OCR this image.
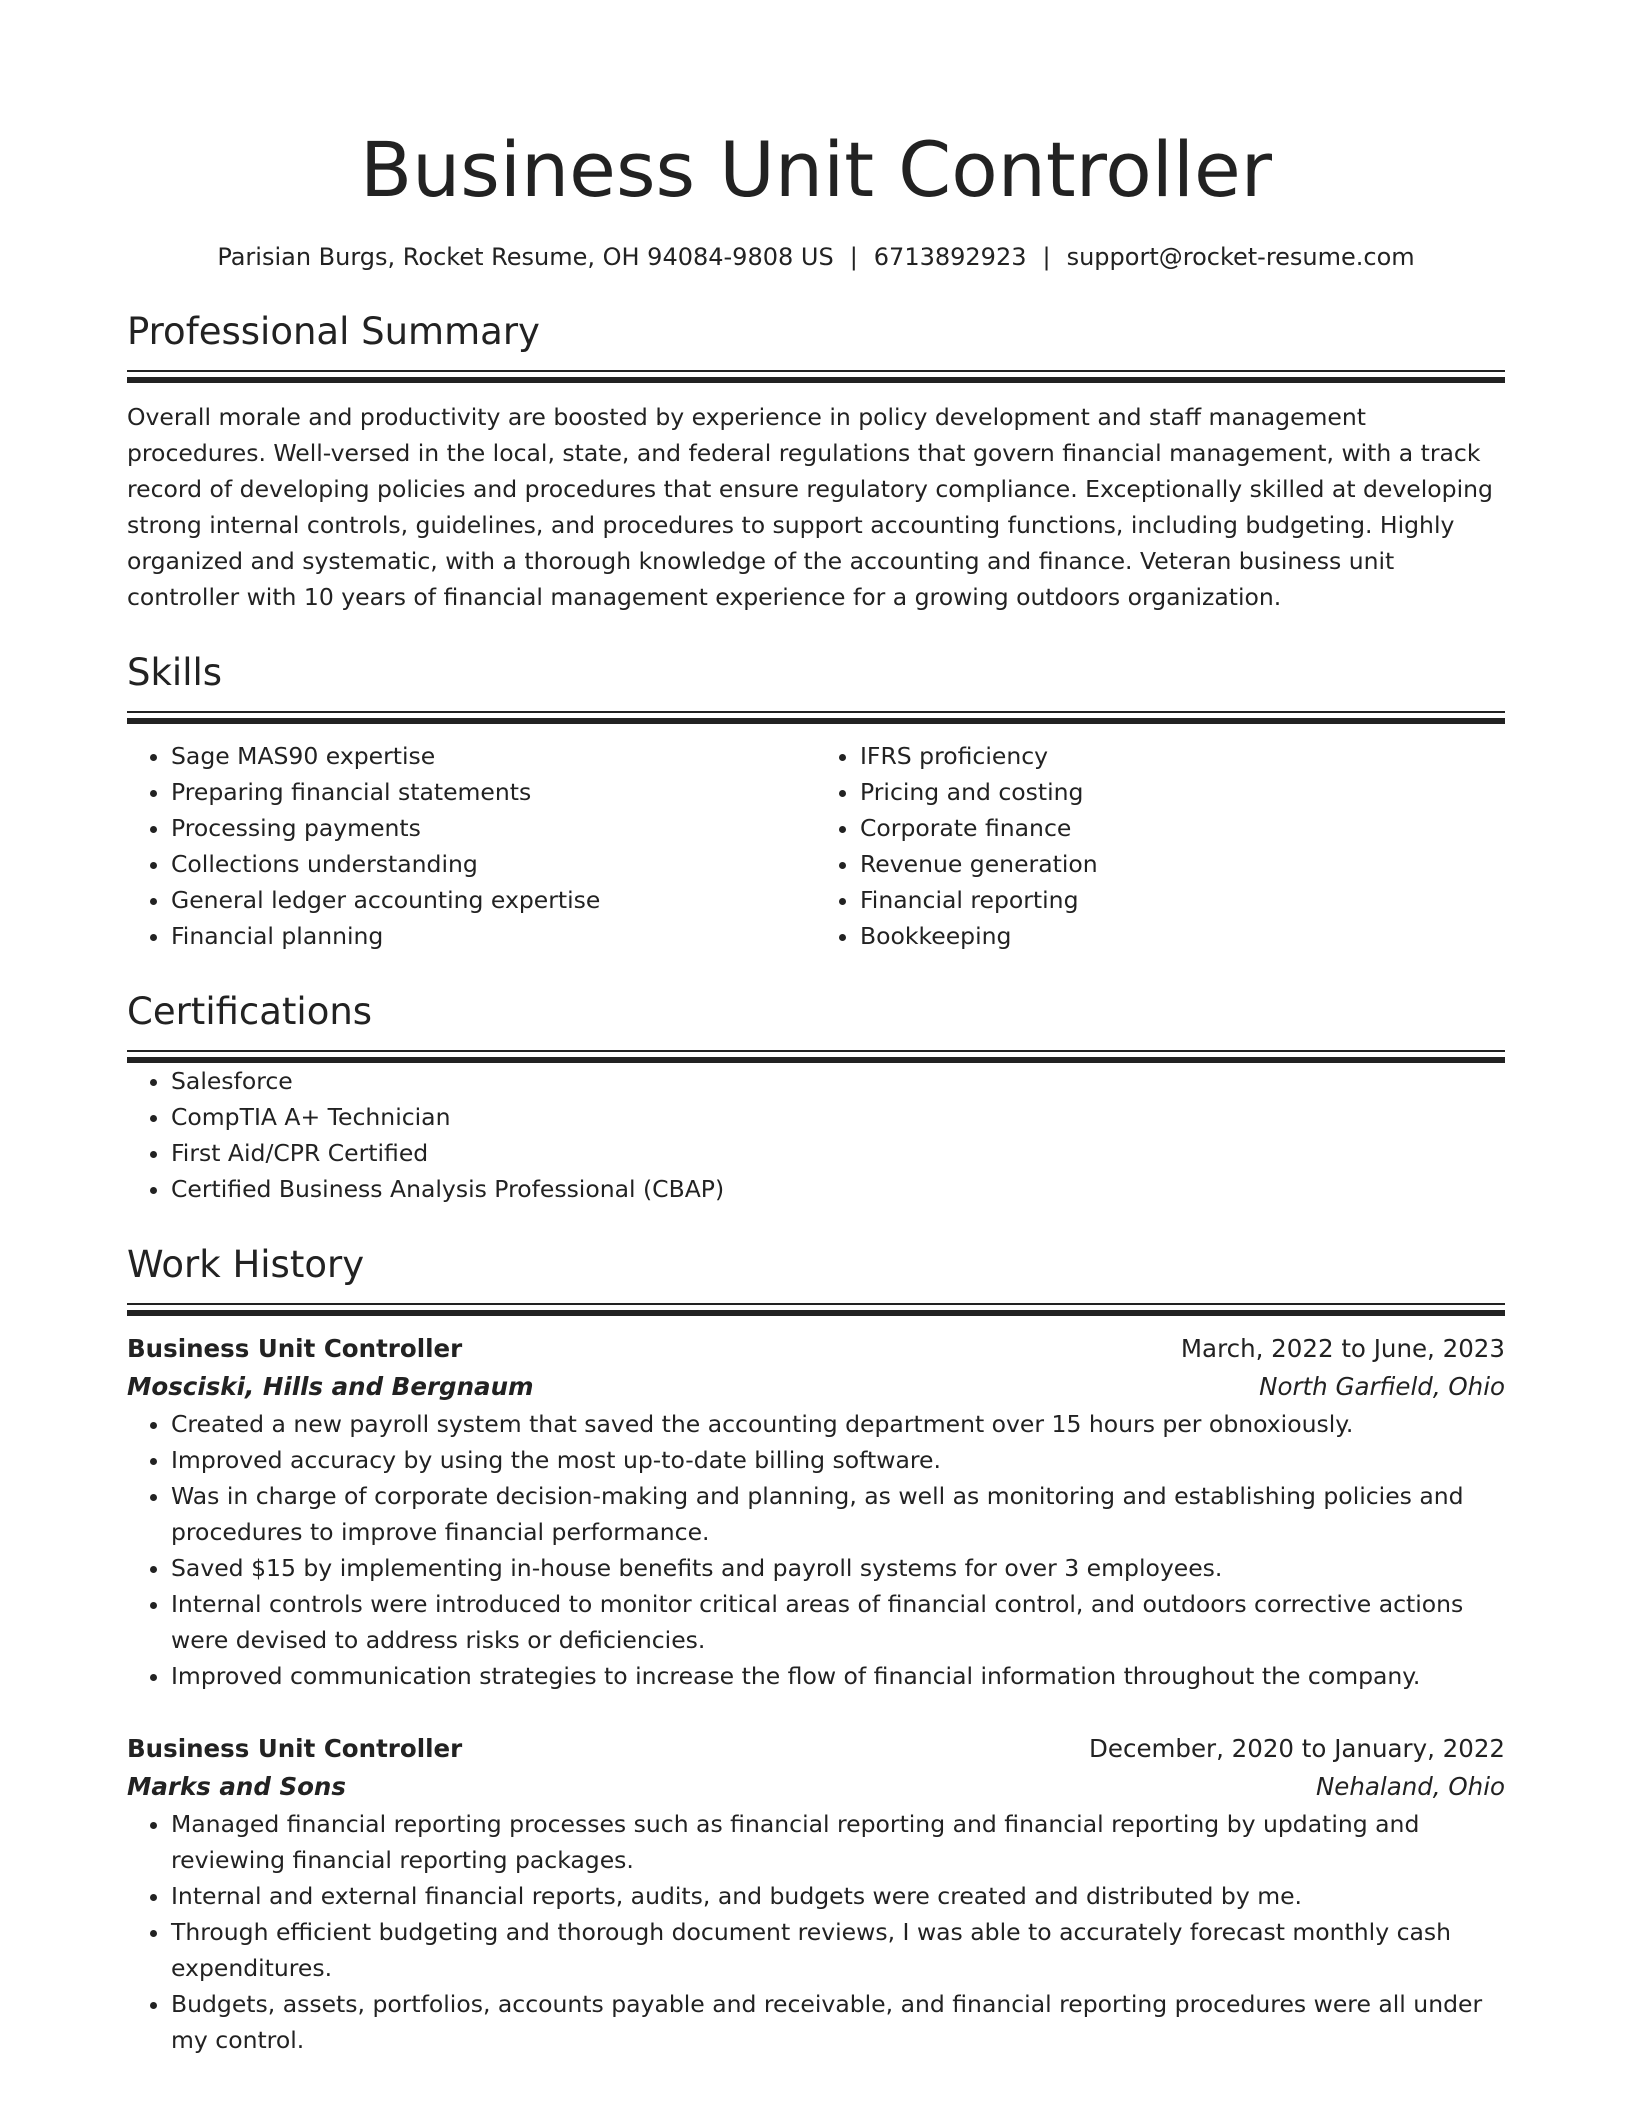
Business Unit Controller
Parisian Burgs, Rocket Resume, OH 94084-9808 US | 6713892923 | support@rocket-resume.com
Professional Summary

Overall morale and productivity are boosted by experience in policy development and staff management procedures. Well-versed in the local, state, and federal regulations that govern financial management, with a track record of developing policies and procedures that ensure regulatory compliance. Exceptionally skilled at developing strong internal controls, guidelines, and procedures to support accounting functions, including budgeting. Highly organized and systematic, with a thorough knowledge of the accounting and finance. Veteran business unit controller with 10 years of financial management experience for a growing outdoors organization.

Skills
• Sage MAS90 expertise
• Preparing financial statements
• Processing payments
• Collections understanding
• General ledger accounting expertise
• Financial planning
• IFRS proficiency
• Pricing and costing
• Corporate finance
• Revenue generation
• Financial reporting
• Bookkeeping
Certifications
• Salesforce
• CompTIA A+ Technician
• First Aid/CPR Certified
• Certified Business Analysis Professional (CBAP)
Work History
Business Unit Controller	March, 2022 to June, 2023
Mosciski, Hills and Bergnaum	North Garfield, Ohio
• Created a new payroll system that saved the accounting department over 15 hours per obnoxiously.
• Improved accuracy by using the most up-to-date billing software.
• Was in charge of corporate decision-making and planning, as well as monitoring and establishing policies and procedures to improve financial performance.
• Saved $15 by implementing in-house benefits and payroll systems for over 3 employees.
• Internal controls were introduced to monitor critical areas of financial control, and outdoors corrective actions were devised to address risks or deficiencies.
• Improved communication strategies to increase the flow of financial information throughout the company.
Business Unit Controller	December, 2020 to January, 2022
Marks and Sons	Nehaland, Ohio
• Managed financial reporting processes such as financial reporting and financial reporting by updating and reviewing financial reporting packages.
• Internal and external financial reports, audits, and budgets were created and distributed by me.
• Through efficient budgeting and thorough document reviews, I was able to accurately forecast monthly cash expenditures.
• Budgets, assets, portfolios, accounts payable and receivable, and financial reporting procedures were all under my control.
